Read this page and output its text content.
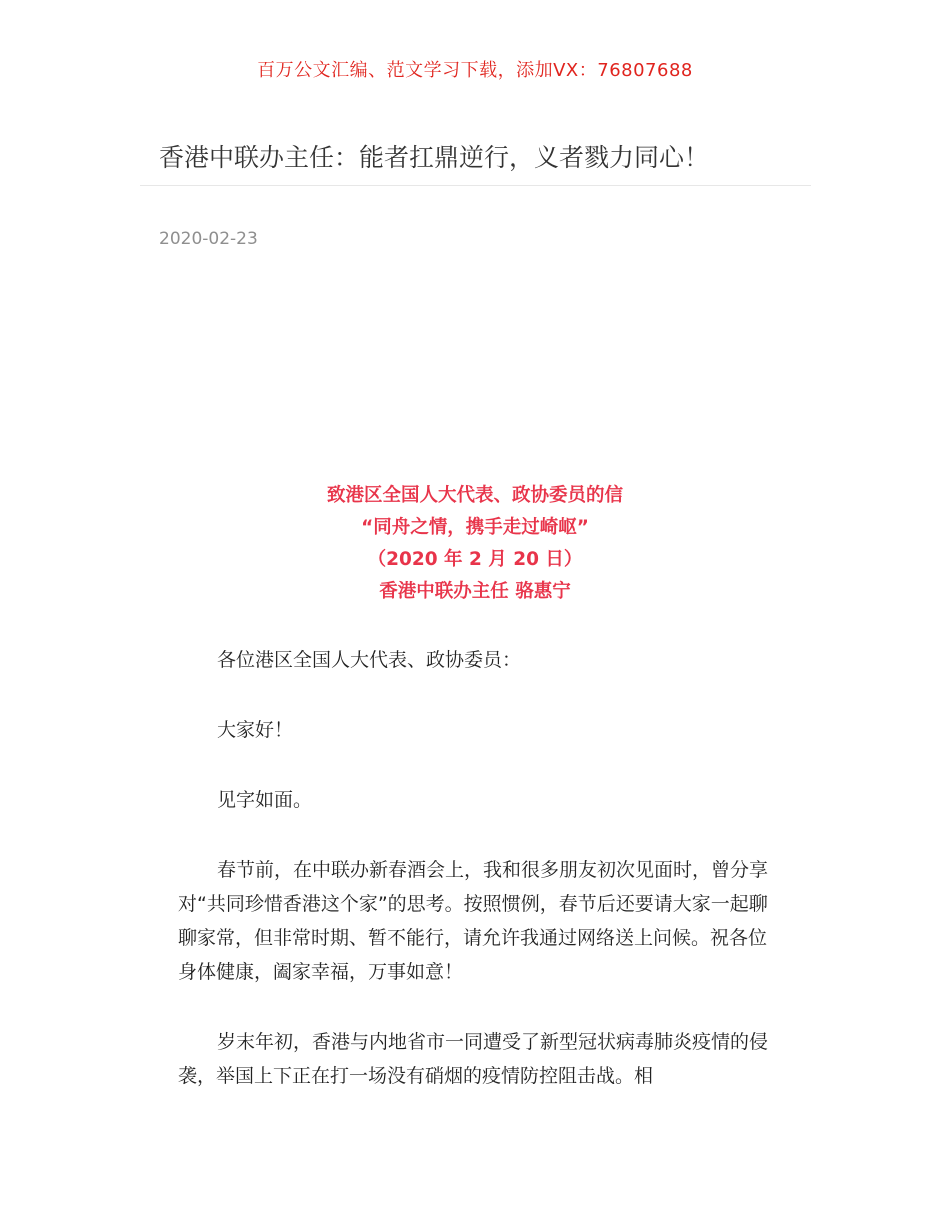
百万公文汇编、范文学习下载，添加VX：76807688
香港中联办主任：能者扛鼎逆行，义者戮力同心！
2020-02-23
致港区全国人大代表、政协委员的信
“同舟之情，携手走过崎岖”
（2020 年 2 月 20 日）
香港中联办主任 骆惠宁

各位港区全国人大代表、政协委员：

大家好！

见字如面。

春节前，在中联办新春酒会上，我和很多朋友初次见面时，曾分享对“共同珍惜香港这个家”的思考。按照惯例，春节后还要请大家一起聊聊家常，但非常时期、暂不能行，请允许我通过网络送上问候。祝各位身体健康，阖家幸福，万事如意！

岁末年初，香港与内地省市一同遭受了新型冠状病毒肺炎疫情的侵袭，举国上下正在打一场没有硝烟的疫情防控阻击战。相
